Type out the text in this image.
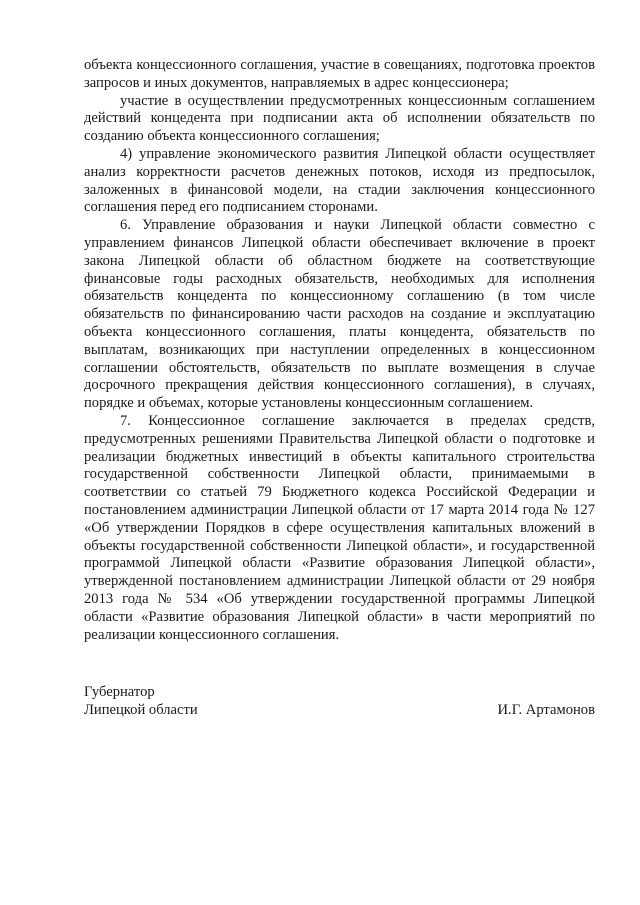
объекта концессионного соглашения, участие в совещаниях, подготовка проектов запросов и иных документов, направляемых в адрес концессионера;

участие в осуществлении предусмотренных концессионным соглашением действий концедента при подписании акта об исполнении обязательств по созданию объекта концессионного соглашения;

4) управление экономического развития Липецкой области осуществляет анализ корректности расчетов денежных потоков, исходя из предпосылок, заложенных в финансовой модели, на стадии заключения концессионного соглашения перед его подписанием сторонами.

6. Управление образования и науки Липецкой области совместно с управлением финансов Липецкой области обеспечивает включение в проект закона Липецкой области об областном бюджете на соответствующие финансовые годы расходных обязательств, необходимых для исполнения обязательств концедента по концессионному соглашению (в том числе обязательств по финансированию части расходов на создание и эксплуатацию объекта концессионного соглашения, платы концедента, обязательств по выплатам, возникающих при наступлении определенных в концессионном соглашении обстоятельств, обязательств по выплате возмещения в случае досрочного прекращения действия концессионного соглашения), в случаях, порядке и объемах, которые установлены концессионным соглашением.

7. Концессионное соглашение заключается в пределах средств, предусмотренных решениями Правительства Липецкой области о подготовке и реализации бюджетных инвестиций в объекты капитального строительства государственной собственности Липецкой области, принимаемыми в соответствии со статьей 79 Бюджетного кодекса Российской Федерации и постановлением администрации Липецкой области от 17 марта 2014 года № 127 «Об утверждении Порядков в сфере осуществления капитальных вложений в объекты государственной собственности Липецкой области», и государственной программой Липецкой области «Развитие образования Липецкой области», утвержденной постановлением администрации Липецкой области от 29 ноября 2013 года № 534 «Об утверждении государственной программы Липецкой области «Развитие образования Липецкой области» в части мероприятий по реализации концессионного соглашения.

Губернатор
Липецкой области	И.Г. Артамонов
